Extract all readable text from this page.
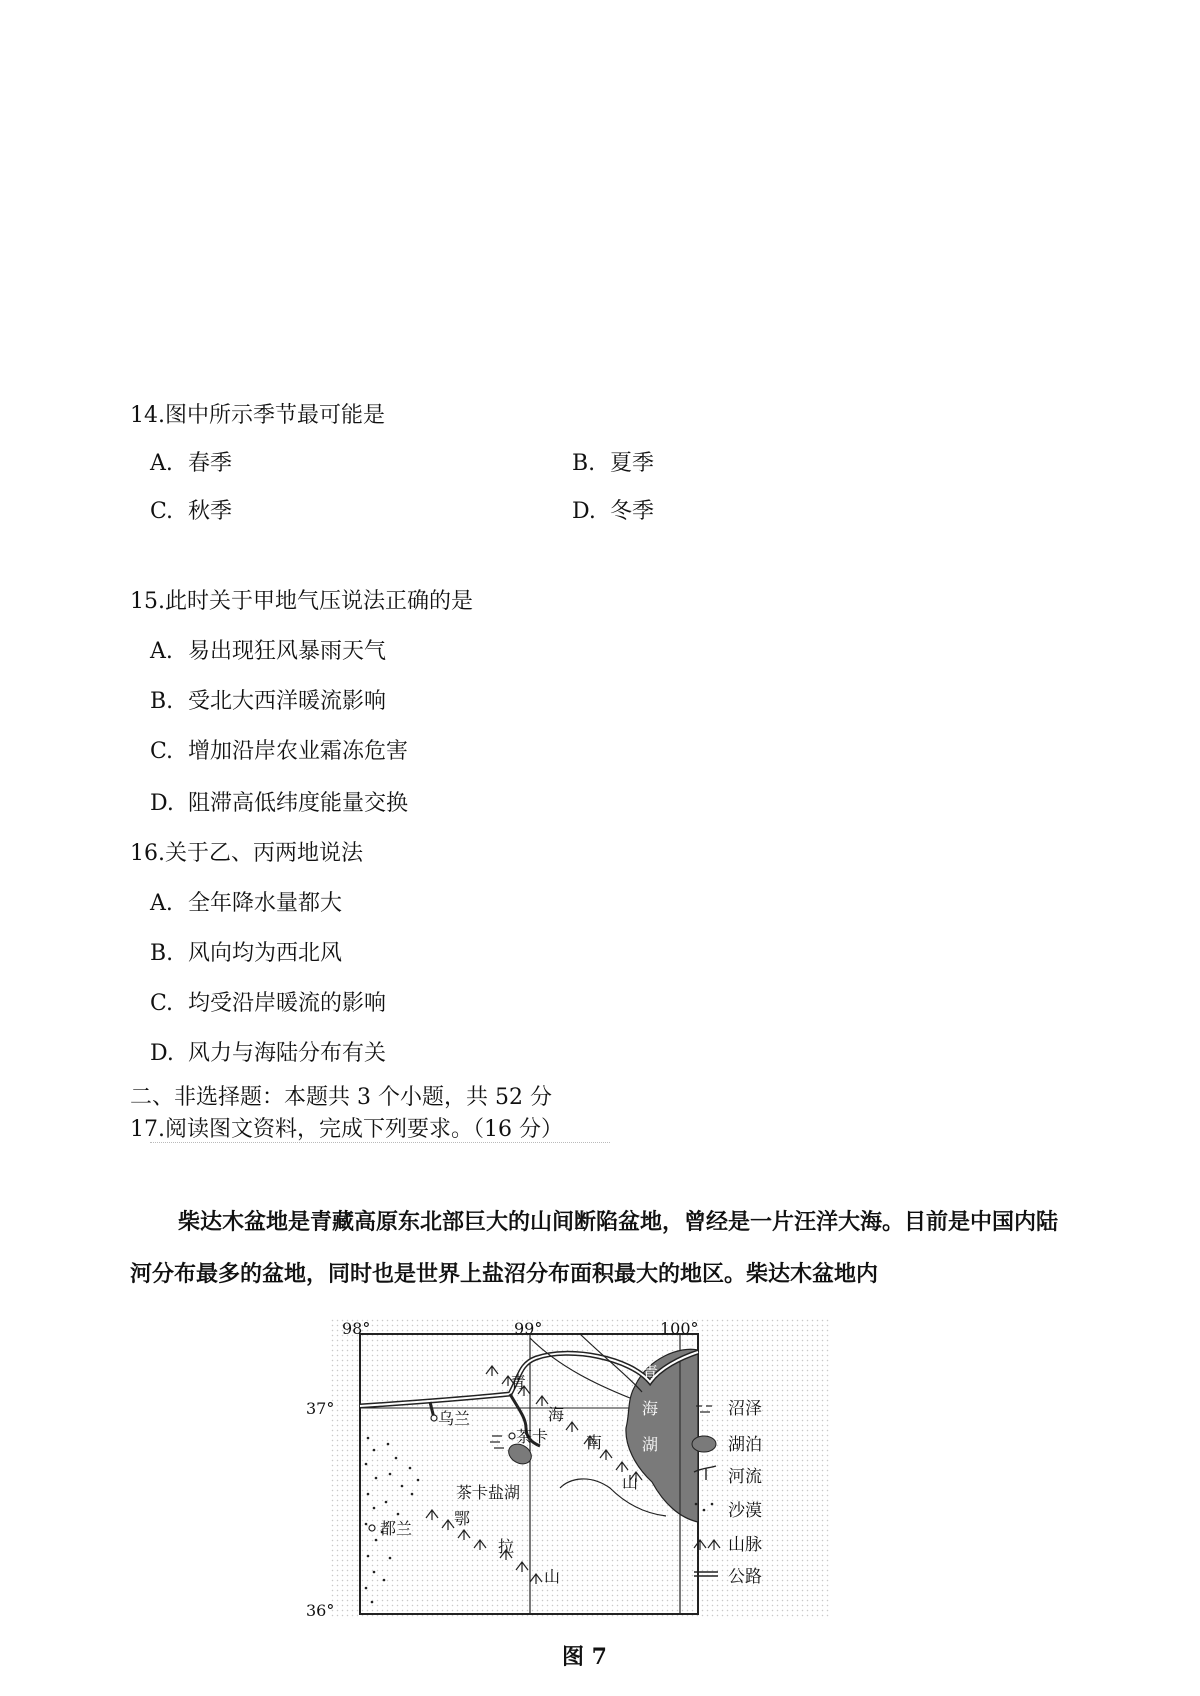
14.图中所示季节最可能是
A. 春季	B. 夏季
C. 秋季	D. 冬季
15.此时关于甲地气压说法正确的是
A. 易出现狂风暴雨天气
B. 受北大西洋暖流影响
C. 增加沿岸农业霜冻危害
D. 阻滞高低纬度能量交换
16.关于乙、丙两地说法
A. 全年降水量都大
B. 风向均为西北风
C. 均受沿岸暖流的影响
D. 风力与海陆分布有关
二、非选择题：本题共 3 个小题，共 52 分
17.阅读图文资料，完成下列要求。（16 分）
柴达木盆地是青藏高原东北部巨大的山间断陷盆地，曾经是一片汪洋大海。目前是中国内陆河分布最多的盆地，同时也是世界上盐沼分布面积最大的地区。柴达木盆地内
98°	99°	100°
37°
36°
乌兰
茶卡
茶卡盐湖
都兰
青
海
南
山
鄂
拉
山
青
海
湖
沼泽
湖泊
河流
沙漠
山脉
公路
图 7
